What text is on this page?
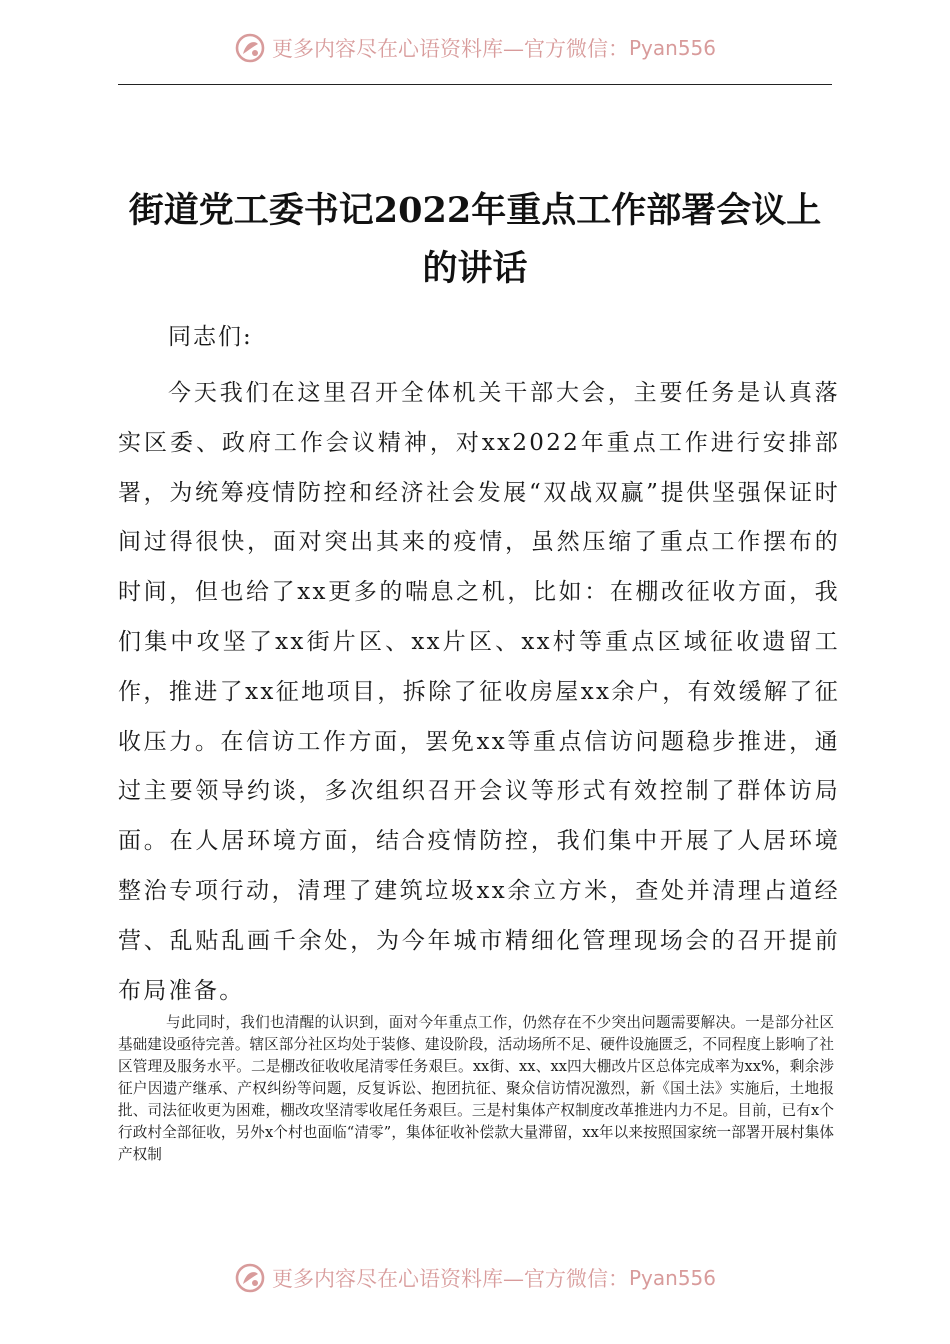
更多内容尽在心语资料库 —官方微信： Pyan556
街道党工委书记2022年重点工作部署会议上的讲话
同志们:
今天我们在这里召开全体机关干部大会，主要任务是认真落实区委、政府工作会议精神，对xx2022年重点工作进行安排部署，为统筹疫情防控和经济社会发展“双战双赢”提供坚强保证时间过得很快，面对突出其来的疫情，虽然压缩了重点工作摆布的时间，但也给了xx更多的喘息之机，比如：在棚改征收方面，我们集中攻坚了xx街片区、xx片区、xx村等重点区域征收遗留工作，推进了xx征地项目，拆除了征收房屋xx余户，有效缓解了征收压力。在信访工作方面，罢免xx等重点信访问题稳步推进，通过主要领导约谈，多次组织召开会议等形式有效控制了群体访局面。在人居环境方面，结合疫情防控，我们集中开展了人居环境整治专项行动，清理了建筑垃圾xx余立方米，查处并清理占道经营、乱贴乱画千余处，为今年城市精细化管理现场会的召开提前布局准备。
与此同时，我们也清醒的认识到，面对今年重点工作，仍然存在不少突出问题需要解决。一是部分社区基础建设亟待完善。辖区部分社区均处于装修、建设阶段，活动场所不足、硬件设施匮乏，不同程度上影响了社区管理及服务水平。二是棚改征收收尾清零任务艰巨。xx街、xx、xx四大棚改片区总体完成率为xx%，剩余涉征户因遗产继承、产权纠纷等问题，反复诉讼、抱团抗征、聚众信访情况激烈，新《国土法》实施后，土地报批、司法征收更为困难，棚改攻坚清零收尾任务艰巨。三是村集体产权制度改革推进内力不足。目前，已有x个行政村全部征收，另外x个村也面临“清零”，集体征收补偿款大量滞留，xx年以来按照国家统一部署开展村集体产权制
更多内容尽在心语资料库 —官方微信： Pyan556
